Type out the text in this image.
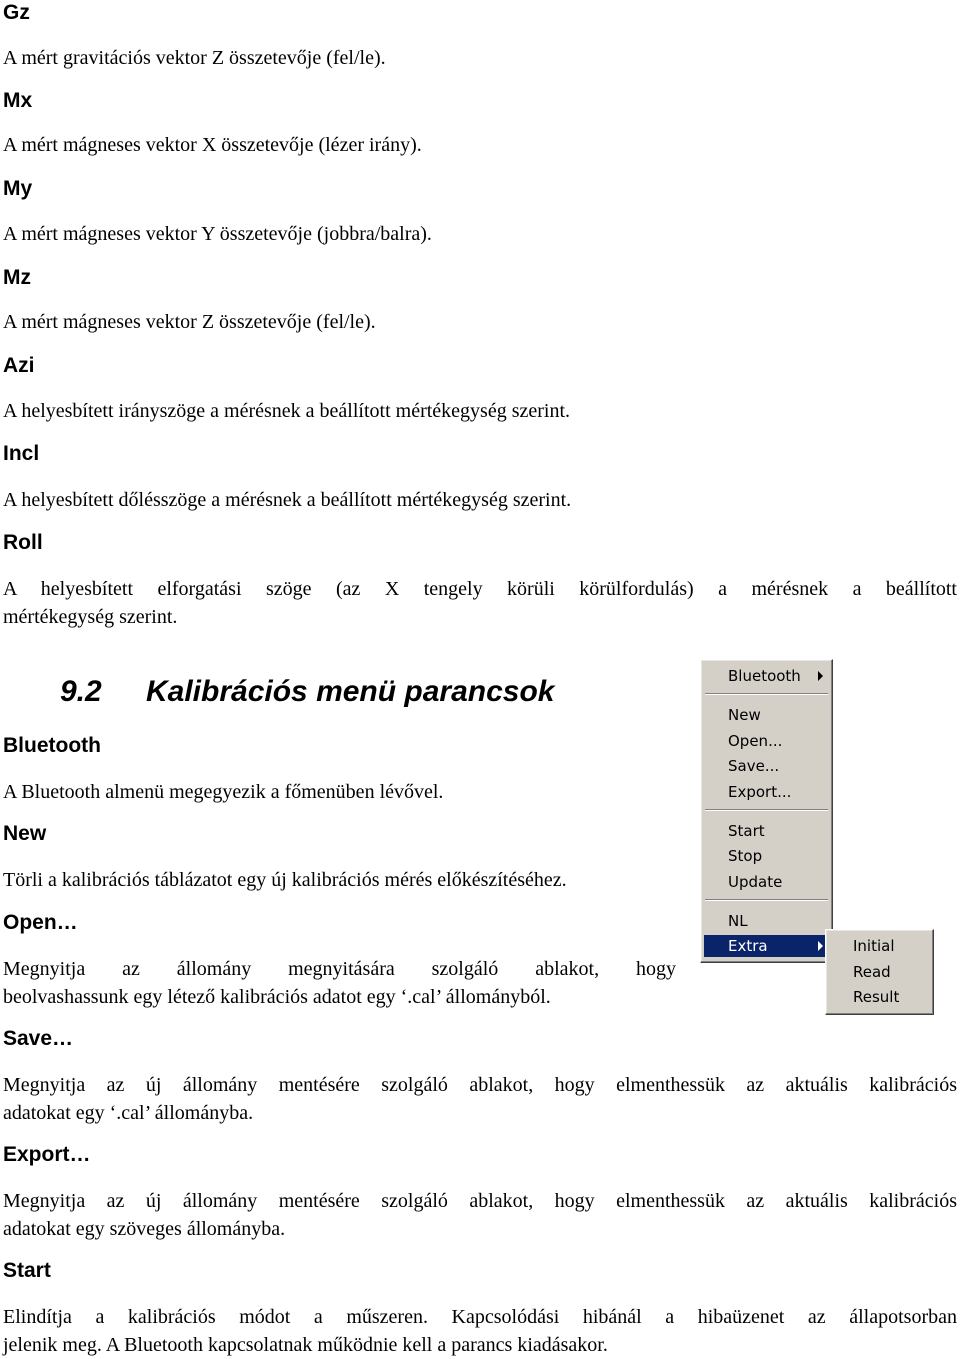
Gz

A mért gravitációs vektor Z összetevője (fel/le).

Mx

A mért mágneses vektor X összetevője (lézer irány).

My

A mért mágneses vektor Y összetevője (jobbra/balra).

Mz

A mért mágneses vektor Z összetevője (fel/le).

Azi

A helyesbített irányszöge a mérésnek a beállított mértékegység szerint.

Incl

A helyesbített dőlésszöge a mérésnek a beállított mértékegység szerint.

Roll
A helyesbített elforgatási szöge (az X tengely körüli körülfordulás) a mérésnek a beállított
mértékegység szerint.
9.2 Kalibrációs menü parancsok
Bluetooth

A Bluetooth almenü megegyezik a főmenüben lévővel.

New

Törli a kalibrációs táblázatot egy új kalibrációs mérés előkészítéséhez.

Open…
Megnyitja az állomány megnyitására szolgáló ablakot, hogy
beolvashassunk egy létező kalibrációs adatot egy ‘.cal’ állományból.
Save…
Megnyitja az új állomány mentésére szolgáló ablakot, hogy elmenthessük az aktuális kalibrációs
adatokat egy ‘.cal’ állományba.
Export…
Megnyitja az új állomány mentésére szolgáló ablakot, hogy elmenthessük az aktuális kalibrációs
adatokat egy szöveges állományba.
Start
Elindítja a kalibrációs módot a műszeren. Kapcsolódási hibánál a hibaüzenet az állapotsorban
jelenik meg. A Bluetooth kapcsolatnak működnie kell a parancs kiadásakor.
Bluetooth
New
Open...
Save...
Export...
Start
Stop
Update
NL
Extra	Initial
Read
Result
